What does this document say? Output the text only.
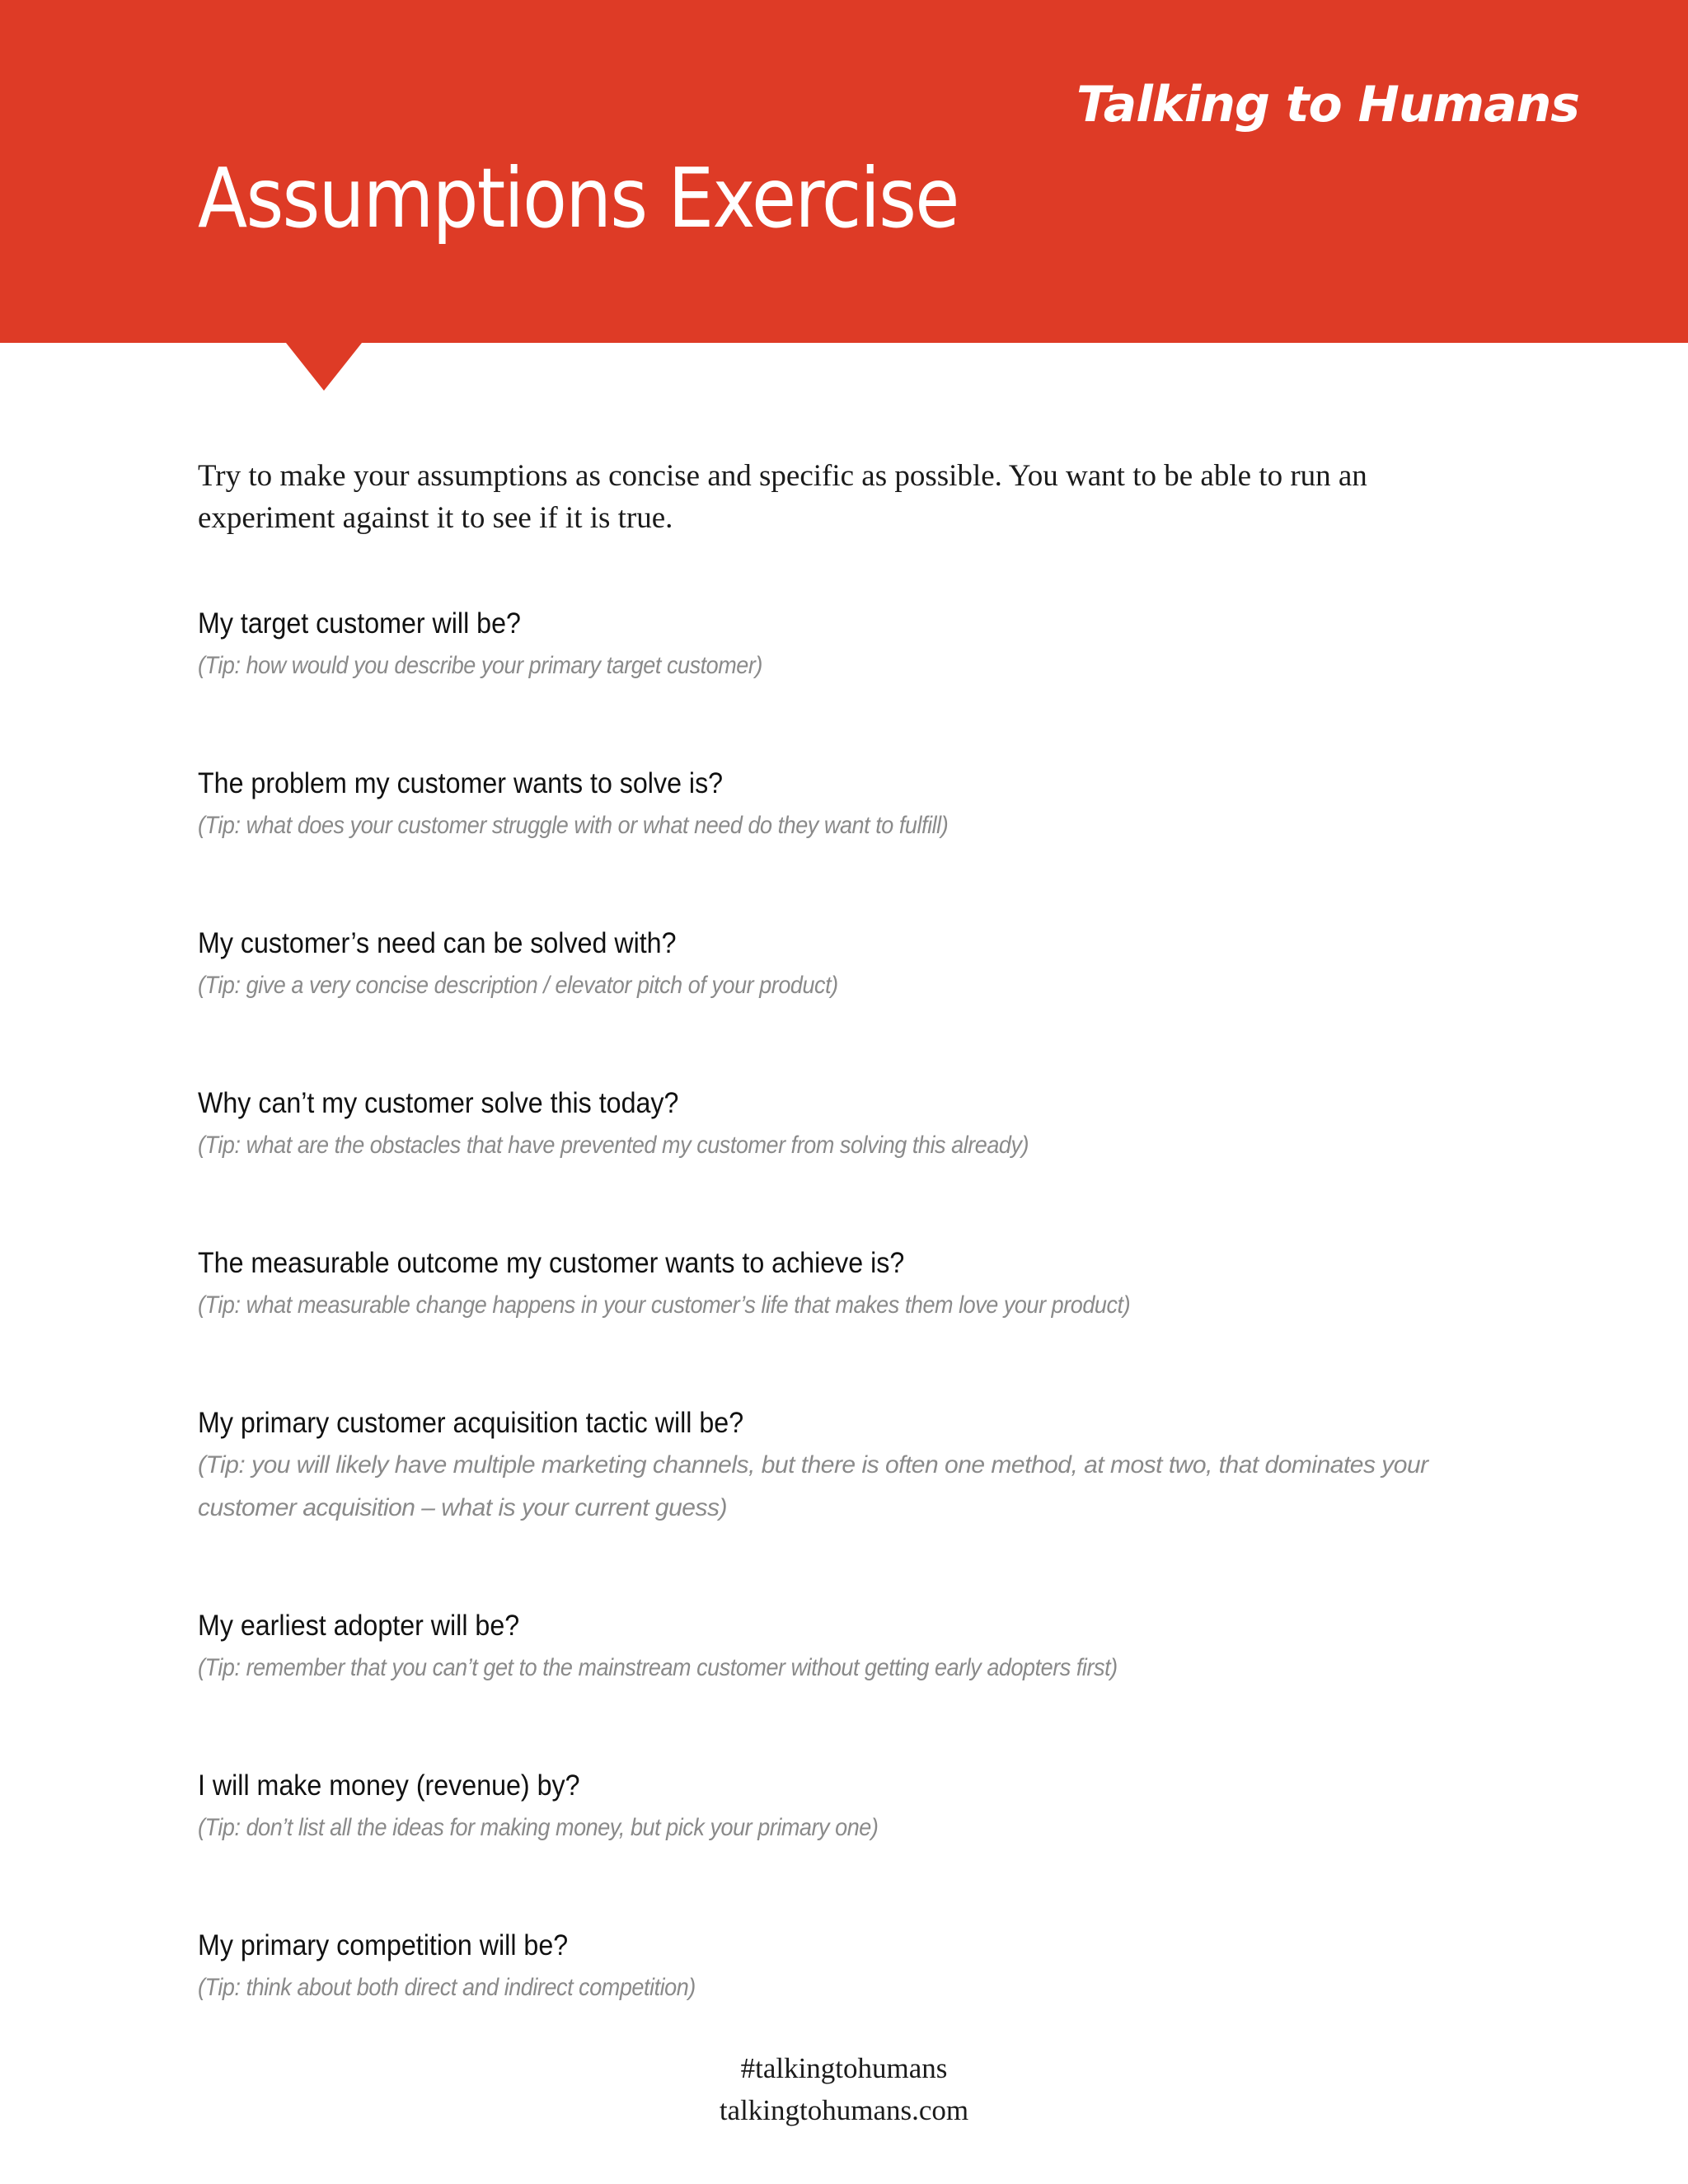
Talking to Humans
Assumptions Exercise

Try to make your assumptions as concise and specific as possible. You want to be able to run an experiment against it to see if it is true.

My target customer will be?
(Tip: how would you describe your primary target customer)
The problem my customer wants to solve is?
(Tip: what does your customer struggle with or what need do they want to fulfill)
My customer’s need can be solved with?
(Tip: give a very concise description / elevator pitch of your product)
Why can’t my customer solve this today?
(Tip: what are the obstacles that have prevented my customer from solving this already)
The measurable outcome my customer wants to achieve is?
(Tip: what measurable change happens in your customer’s life that makes them love your product)
My primary customer acquisition tactic will be?
(Tip: you will likely have multiple marketing channels, but there is often one method, at most two, that dominates your customer acquisition – what is your current guess)
My earliest adopter will be?
(Tip: remember that you can’t get to the mainstream customer without getting early adopters first)
I will make money (revenue) by?
(Tip: don’t list all the ideas for making money, but pick your primary one)
My primary competition will be?
(Tip: think about both direct and indirect competition)
#talkingtohumans
talkingtohumans.com
